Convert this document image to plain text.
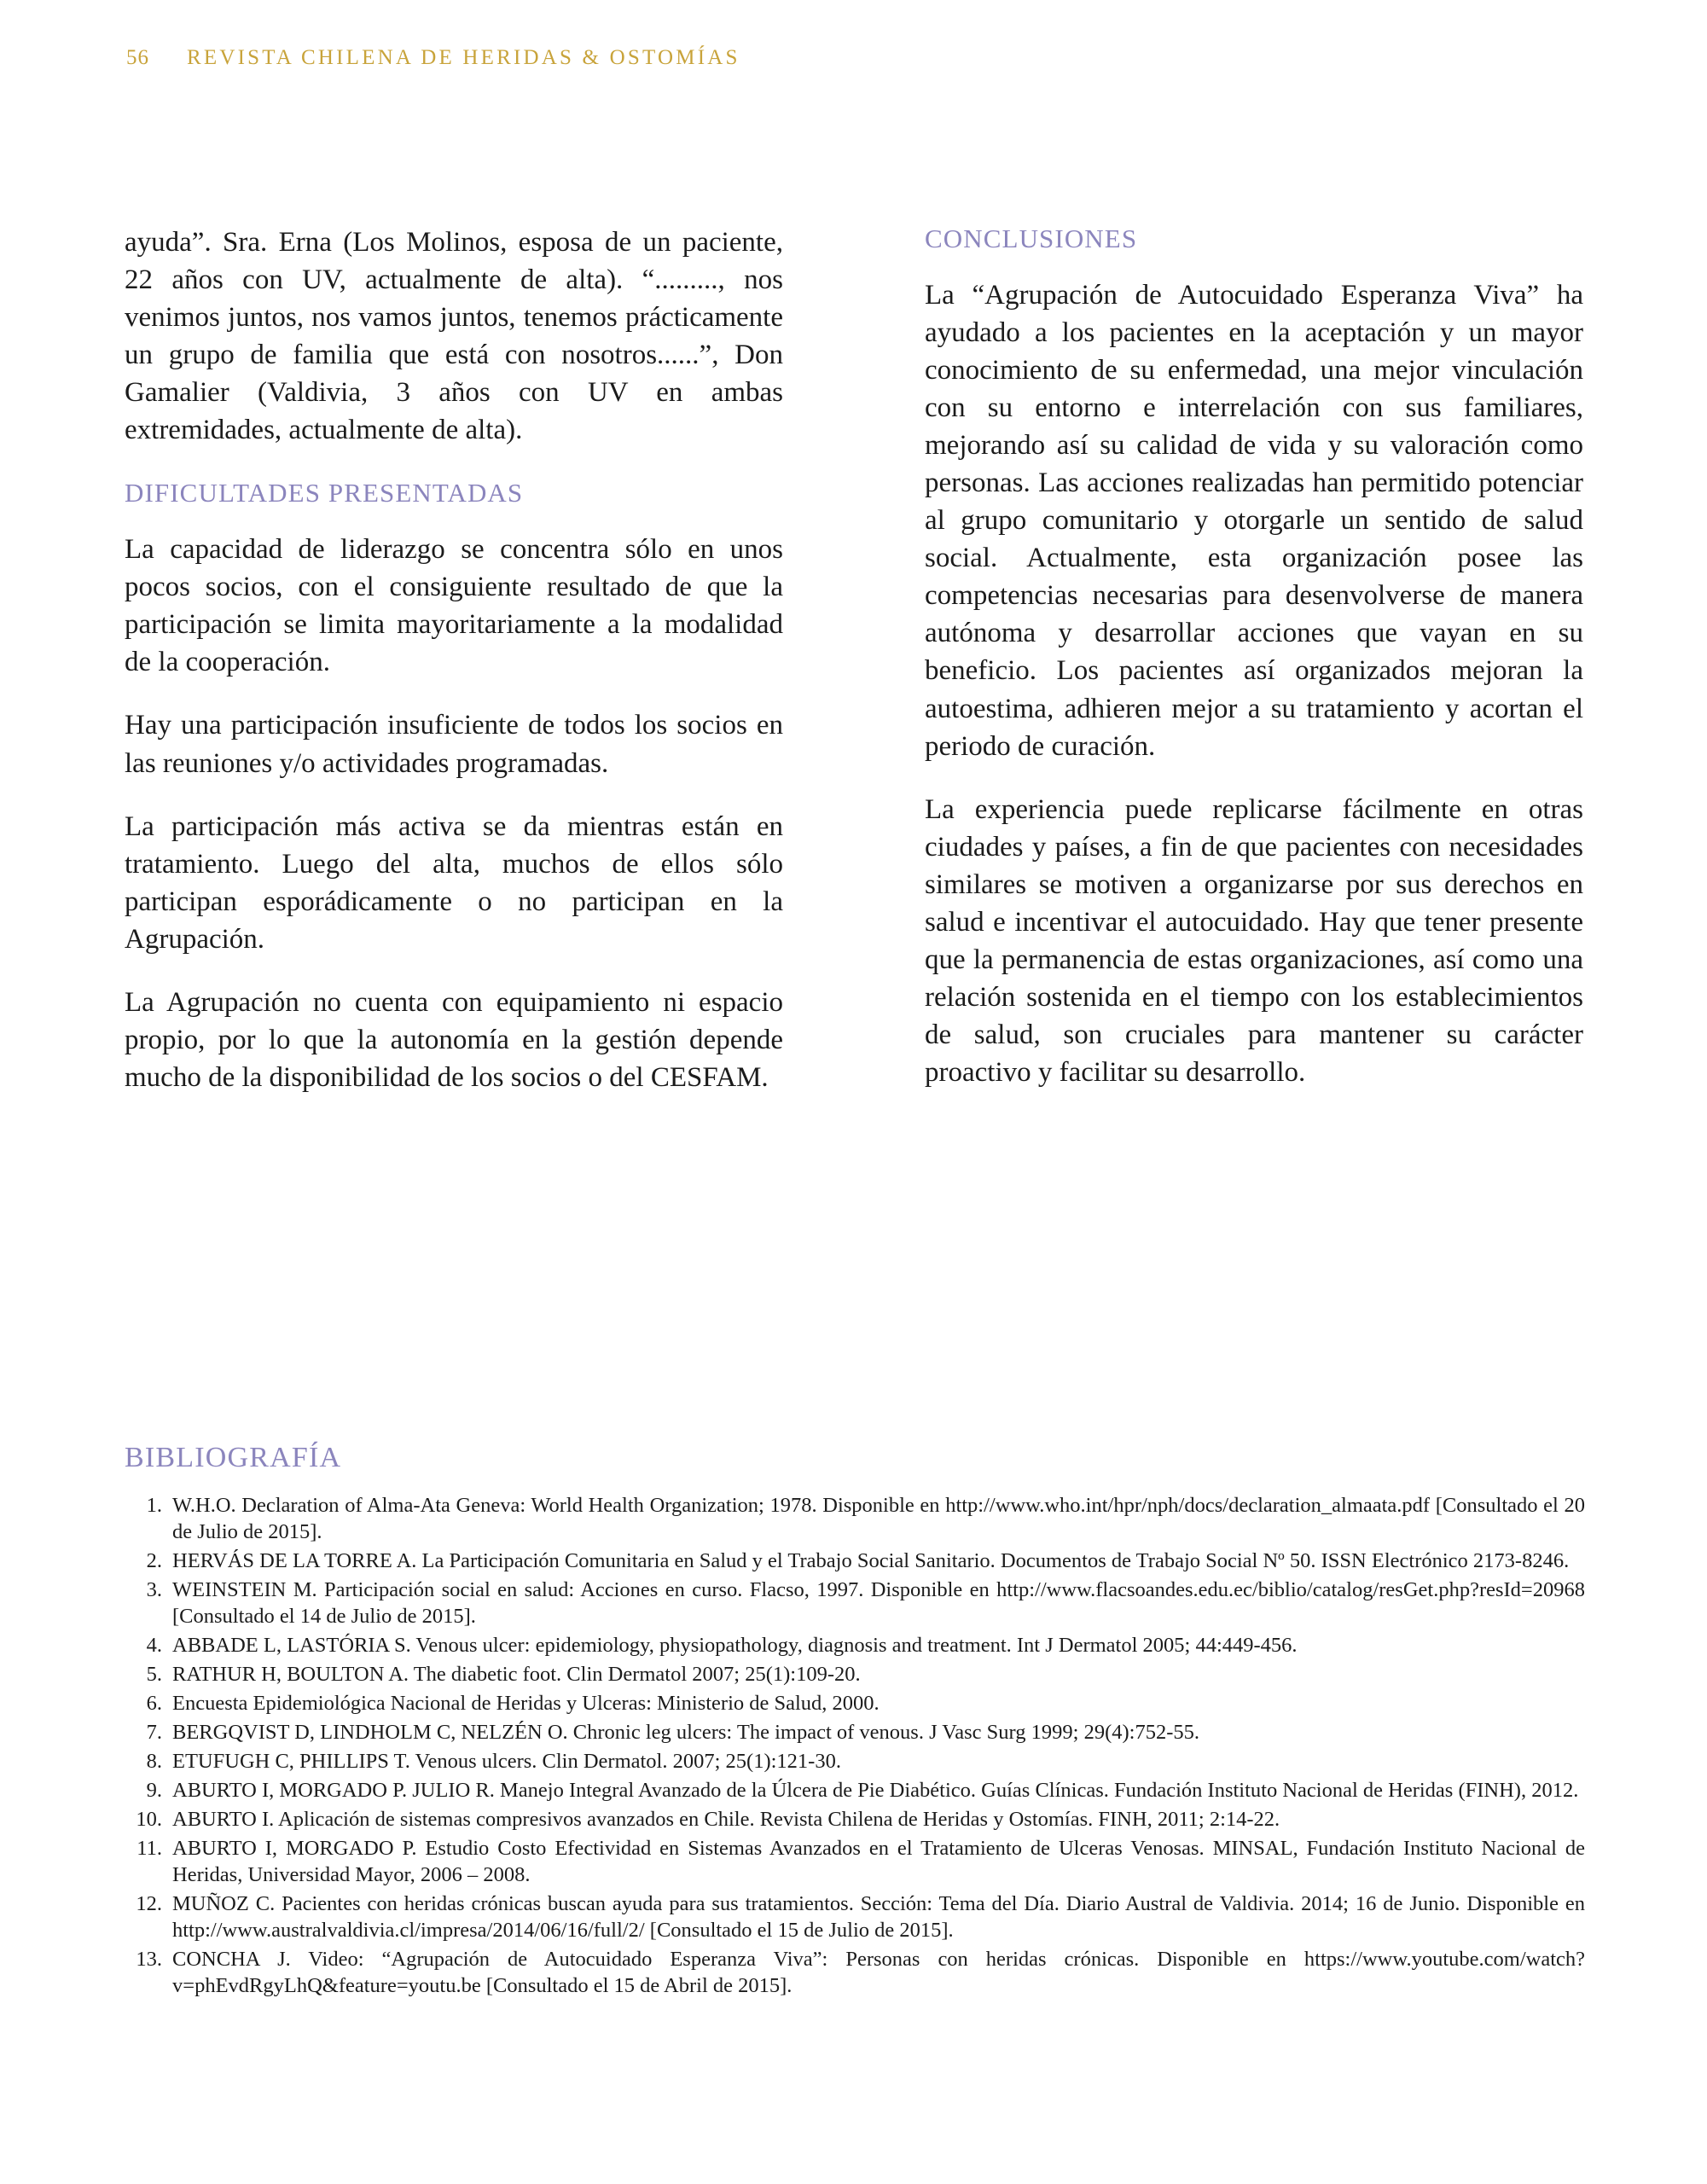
56 REVISTA CHILENA DE HERIDAS & OSTOMÍAS

ayuda”. Sra. Erna (Los Molinos, esposa de un paciente, 22 años con UV, actualmente de alta). “........., nos venimos juntos, nos vamos juntos, tenemos prácticamente un grupo de familia que está con nosotros......”, Don Gamalier (Valdivia, 3 años con UV en ambas extremidades, actualmente de alta).

DIFICULTADES PRESENTADAS

La capacidad de liderazgo se concentra sólo en unos pocos socios, con el consiguiente resultado de que la participación se limita mayoritariamente a la modalidad de la cooperación.

Hay una participación insuficiente de todos los socios en las reuniones y/o actividades programadas.

La participación más activa se da mientras están en tratamiento. Luego del alta, muchos de ellos sólo participan esporádicamente o no participan en la Agrupación.

La Agrupación no cuenta con equipamiento ni espacio propio, por lo que la autonomía en la gestión depende mucho de la disponibilidad de los socios o del CESFAM.

CONCLUSIONES

La “Agrupación de Autocuidado Esperanza Viva” ha ayudado a los pacientes en la aceptación y un mayor conocimiento de su enfermedad, una mejor vinculación con su entorno e interrelación con sus familiares, mejorando así su calidad de vida y su valoración como personas. Las acciones realizadas han permitido potenciar al grupo comunitario y otorgarle un sentido de salud social. Actualmente, esta organización posee las competencias necesarias para desenvolverse de manera autónoma y desarrollar acciones que vayan en su beneficio. Los pacientes así organizados mejoran la autoestima, adhieren mejor a su tratamiento y acortan el periodo de curación.

La experiencia puede replicarse fácilmente en otras ciudades y países, a fin de que pacientes con necesidades similares se motiven a organizarse por sus derechos en salud e incentivar el autocuidado. Hay que tener presente que la permanencia de estas organizaciones, así como una relación sostenida en el tiempo con los establecimientos de salud, son cruciales para mantener su carácter proactivo y facilitar su desarrollo.

BIBLIOGRAFÍA
1. W.H.O. Declaration of Alma-Ata Geneva: World Health Organization; 1978. Disponible en http://www.who.int/hpr/nph/docs/declaration_almaata.pdf [Consultado el 20 de Julio de 2015].
2. HERVÁS DE LA TORRE A. La Participación Comunitaria en Salud y el Trabajo Social Sanitario. Documentos de Trabajo Social Nº 50. ISSN Electrónico 2173-8246.
3. WEINSTEIN M. Participación social en salud: Acciones en curso. Flacso, 1997. Disponible en http://www.flacsoandes.edu.ec/biblio/catalog/resGet.php?resId=20968 [Consultado el 14 de Julio de 2015].
4. ABBADE L, LASTÓRIA S. Venous ulcer: epidemiology, physiopathology, diagnosis and treatment. Int J Dermatol 2005; 44:449-456.
5. RATHUR H, BOULTON A. The diabetic foot. Clin Dermatol 2007; 25(1):109-20.
6. Encuesta Epidemiológica Nacional de Heridas y Ulceras: Ministerio de Salud, 2000.
7. BERGQVIST D, LINDHOLM C, NELZÉN O. Chronic leg ulcers: The impact of venous. J Vasc Surg 1999; 29(4):752-55.
8. ETUFUGH C, PHILLIPS T. Venous ulcers. Clin Dermatol. 2007; 25(1):121-30.
9. ABURTO I, MORGADO P. JULIO R. Manejo Integral Avanzado de la Úlcera de Pie Diabético. Guías Clínicas. Fundación Instituto Nacional de Heridas (FINH), 2012.
10. ABURTO I. Aplicación de sistemas compresivos avanzados en Chile. Revista Chilena de Heridas y Ostomías. FINH, 2011; 2:14-22.
11. ABURTO I, MORGADO P. Estudio Costo Efectividad en Sistemas Avanzados en el Tratamiento de Ulceras Venosas. MINSAL, Fundación Instituto Nacional de Heridas, Universidad Mayor, 2006 – 2008.
12. MUÑOZ C. Pacientes con heridas crónicas buscan ayuda para sus tratamientos. Sección: Tema del Día. Diario Austral de Valdivia. 2014; 16 de Junio. Disponible en http://www.australvaldivia.cl/impresa/2014/06/16/full/2/ [Consultado el 15 de Julio de 2015].
13. CONCHA J. Video: “Agrupación de Autocuidado Esperanza Viva”: Personas con heridas crónicas. Disponible en https://www.youtube.com/watch?v=phEvdRgyLhQ&feature=youtu.be [Consultado el 15 de Abril de 2015].
